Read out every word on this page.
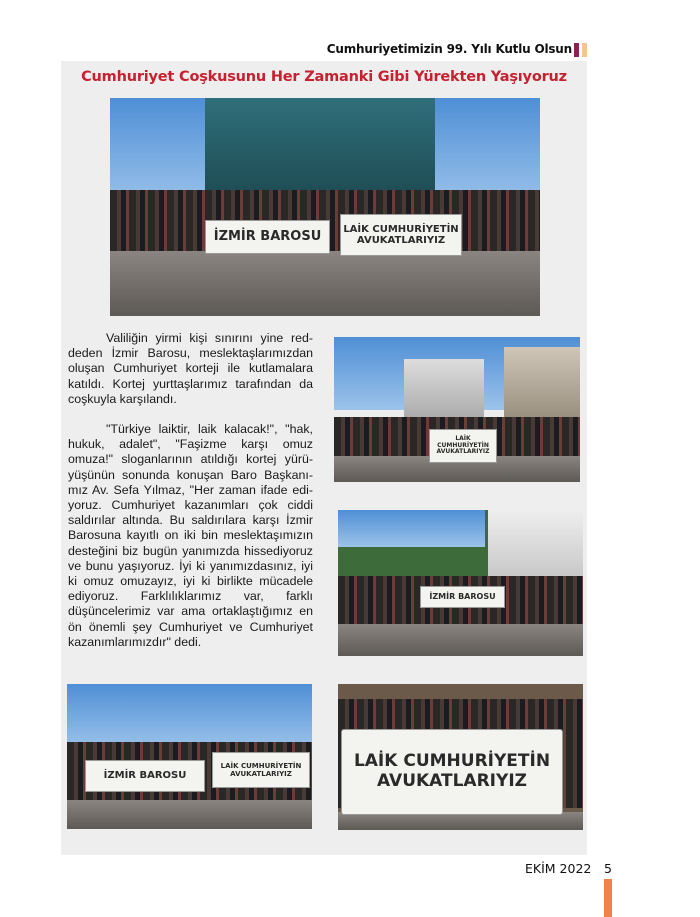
Cumhuriyetimizin 99. Yılı Kutlu Olsun
Cumhuriyet Coşkusunu Her Zamanki Gibi Yürekten Yaşıyoruz
İZMİR BAROSU	LAİK CUMHURİYETİN AVUKATLARIYIZ

Valiliğin yirmi kişi sınırını yine reddeden İzmir Barosu, meslektaşlarımızdan oluşan Cumhuriyet korteji ile kutlamalara katıldı. Kortej yurttaşlarımız tarafından da coşkuyla karşılandı.

"Türkiye laiktir, laik kalacak!", "hak, hukuk, adalet", "Faşizme karşı omuz omuza!" sloganlarının atıldığı kortej yürüyüşünün sonunda konuşan Baro Başkanımız Av. Sefa Yılmaz, "Her zaman ifade ediyoruz. Cumhuriyet kazanımları çok ciddi saldırılar altında. Bu saldırılara karşı İzmir Barosuna kayıtlı on iki bin meslektaşımızın desteğini biz bugün yanımızda hissediyoruz ve bunu yaşıyoruz. İyi ki yanımızdasınız, iyi ki omuz omuzayız, iyi ki birlikte mücadele ediyoruz. Farklılıklarımız var, farklı düşüncelerimiz var ama ortaklaştığımız en ön önemli şey Cumhuriyet ve Cumhuriyet kazanımlarımızdır" dedi.

LAİK CUMHURİYETİN AVUKATLARIYIZ
İZMİR BAROSU
İZMİR BAROSU
LAİK CUMHURİYETİN AVUKATLARIYIZ
LAİK CUMHURİYETİN AVUKATLARIYIZ
EKİM 2022 5
